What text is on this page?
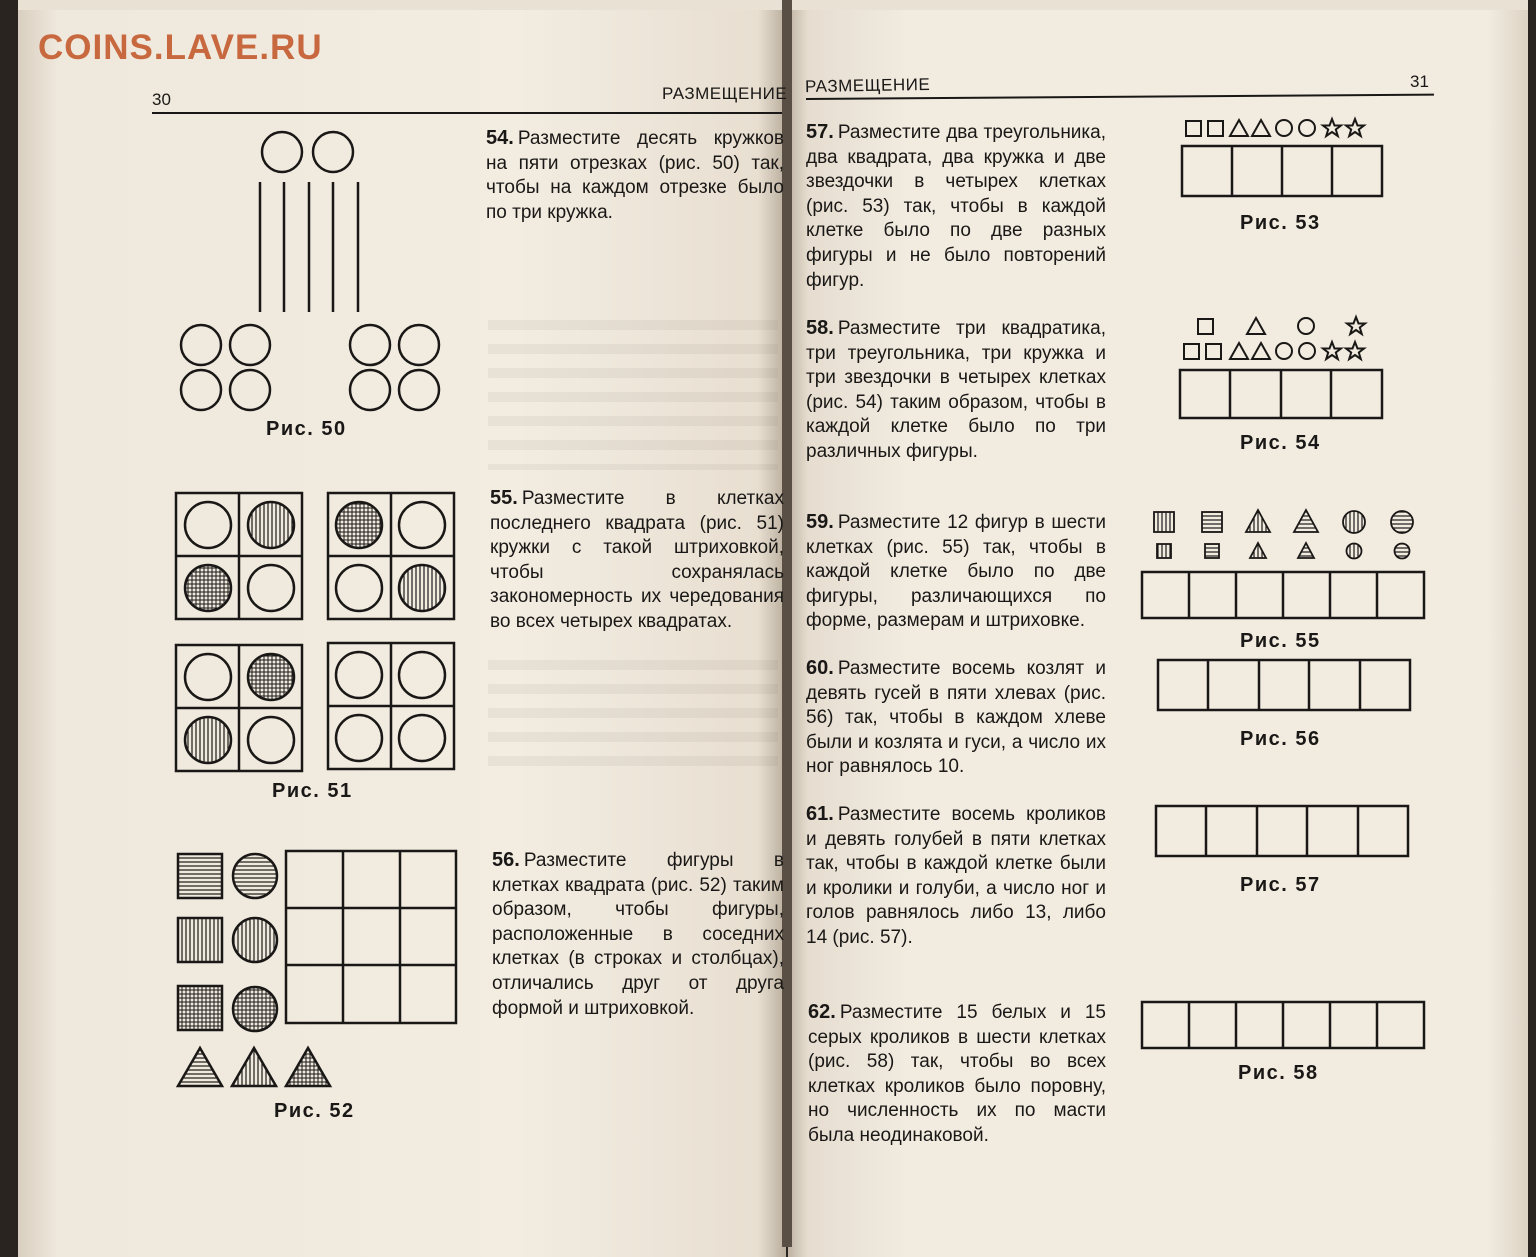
COINS.LAVE.RU
30	РАЗМЕЩЕНИЕ РАЗМЕЩЕНИЕ	31
54. Разместите десять кружков на пяти отрезках (рис. 50) так, чтобы на каждом отрезке было по три кружка.
55. Разместите в клетках последнего квадрата (рис. 51) кружки с такой штриховкой, чтобы сохранялась закономерность их чередования во всех четырех квадратах.
56. Разместите фигуры в клетках квадрата (рис. 52) таким образом, чтобы фигуры, расположенные в соседних клетках (в строках и столбцах), отличались друг от друга формой и штриховкой.
57. Разместите два треугольника, два квадрата, два кружка и две звездочки в четырех клетках (рис. 53) так, чтобы в каждой клетке было по две разных фигуры и не было повторений фигур.
58. Разместите три квадратика, три треугольника, три кружка и три звездочки в четырех клетках (рис. 54) таким образом, чтобы в каждой клетке было по три различных фигуры.
59. Разместите 12 фигур в шести клетках (рис. 55) так, чтобы в каждой клетке было по две фигуры, различающихся по форме, размерам и штриховке.
60. Разместите восемь козлят и девять гусей в пяти хлевах (рис. 56) так, чтобы в каждом хлеве были и козлята и гуси, а число их ног равнялось 10.
61. Разместите восемь кроликов и девять голубей в пяти клетках так, чтобы в каждой клетке были и кролики и голуби, а число ног и голов равнялось либо 13, либо 14 (рис. 57).
62. Разместите 15 белых и 15 серых кроликов в шести клетках (рис. 58) так, чтобы во всех клетках кроликов было поровну, но численность их по масти была неодинаковой.
Рис. 50
Рис. 51
Рис. 52
Рис. 53
Рис. 54
Рис. 55
Рис. 56
Рис. 57
Рис. 58
